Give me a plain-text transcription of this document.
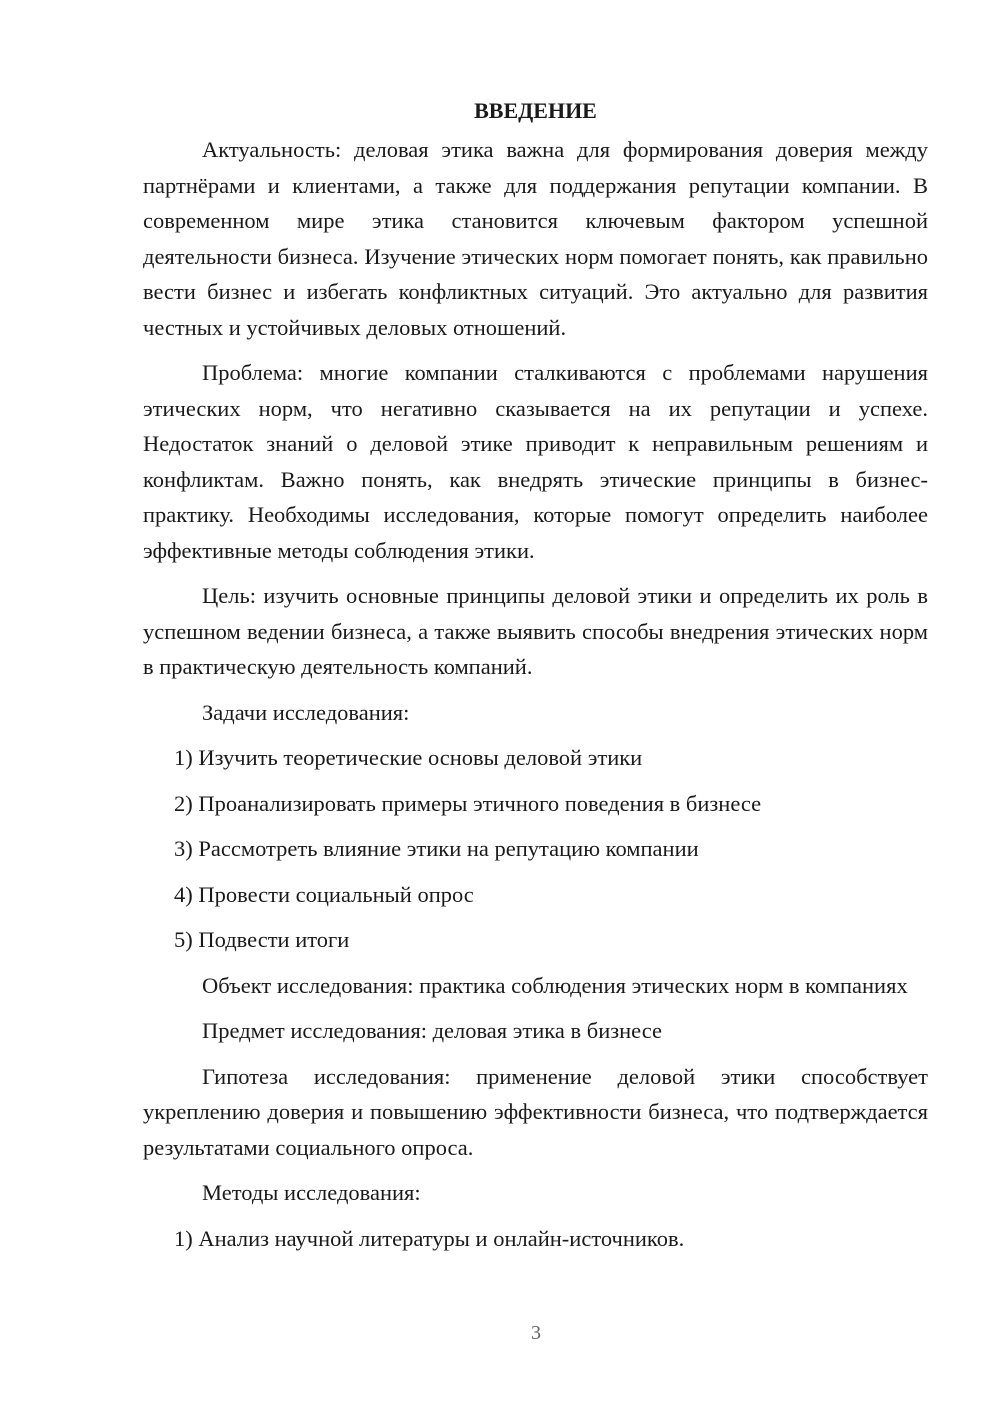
ВВЕДЕНИЕ

Актуальность: деловая этика важна для формирования доверия между партнёрами и клиентами, а также для поддержания репутации компании. В современном мире этика становится ключевым фактором успешной деятельности бизнеса. Изучение этических норм помогает понять, как правильно вести бизнес и избегать конфликтных ситуаций. Это актуально для развития честных и устойчивых деловых отношений.

Проблема: многие компании сталкиваются с проблемами нарушения этических норм, что негативно сказывается на их репутации и успехе. Недостаток знаний о деловой этике приводит к неправильным решениям и конфликтам. Важно понять, как внедрять этические принципы в бизнес-практику. Необходимы исследования, которые помогут определить наиболее эффективные методы соблюдения этики.

Цель: изучить основные принципы деловой этики и определить их роль в успешном ведении бизнеса, а также выявить способы внедрения этических норм в практическую деятельность компаний.

Задачи исследования:

1) Изучить теоретические основы деловой этики

2) Проанализировать примеры этичного поведения в бизнесе

3) Рассмотреть влияние этики на репутацию компании

4) Провести социальный опрос

5) Подвести итоги

Объект исследования: практика соблюдения этических норм в компаниях

Предмет исследования: деловая этика в бизнесе

Гипотеза исследования: применение деловой этики способствует укреплению доверия и повышению эффективности бизнеса, что подтверждается результатами социального опроса.

Методы исследования:

1) Анализ научной литературы и онлайн-источников.

3
